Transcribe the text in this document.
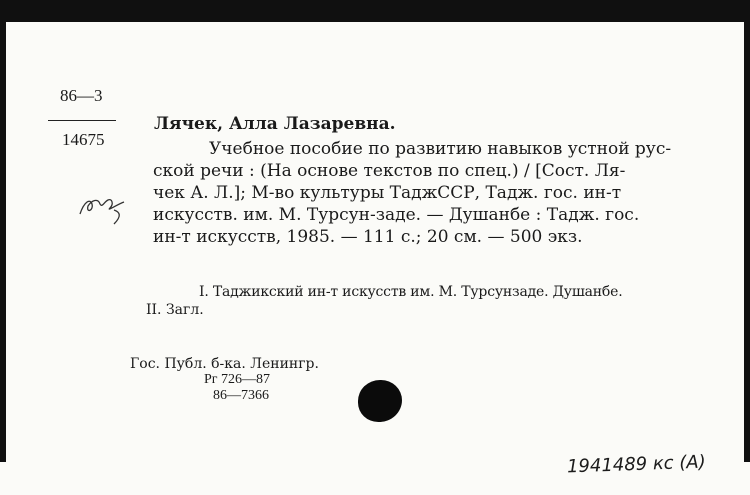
86—3
14675
Лячек, Алла Лазаревна.
Учебное пособие по развитию навыков устной рус-
ской речи : (На основе текстов по спец.) / [Сост. Ля-
чек А. Л.]; М-во культуры ТаджССР, Тадж. гос. ин-т
искусств. им. М. Турсун-заде. — Душанбе : Тадж. гос.
ин-т искусств, 1985. — 111 с.; 20 см. — 500 экз.
I. Таджикский ин-т искусств им. М. Турсунзаде. Душанбе.
II. Загл.
Гос. Публ. б-ка. Ленингр.
Рг 726—87
86—7366
1941489 кс (А)
